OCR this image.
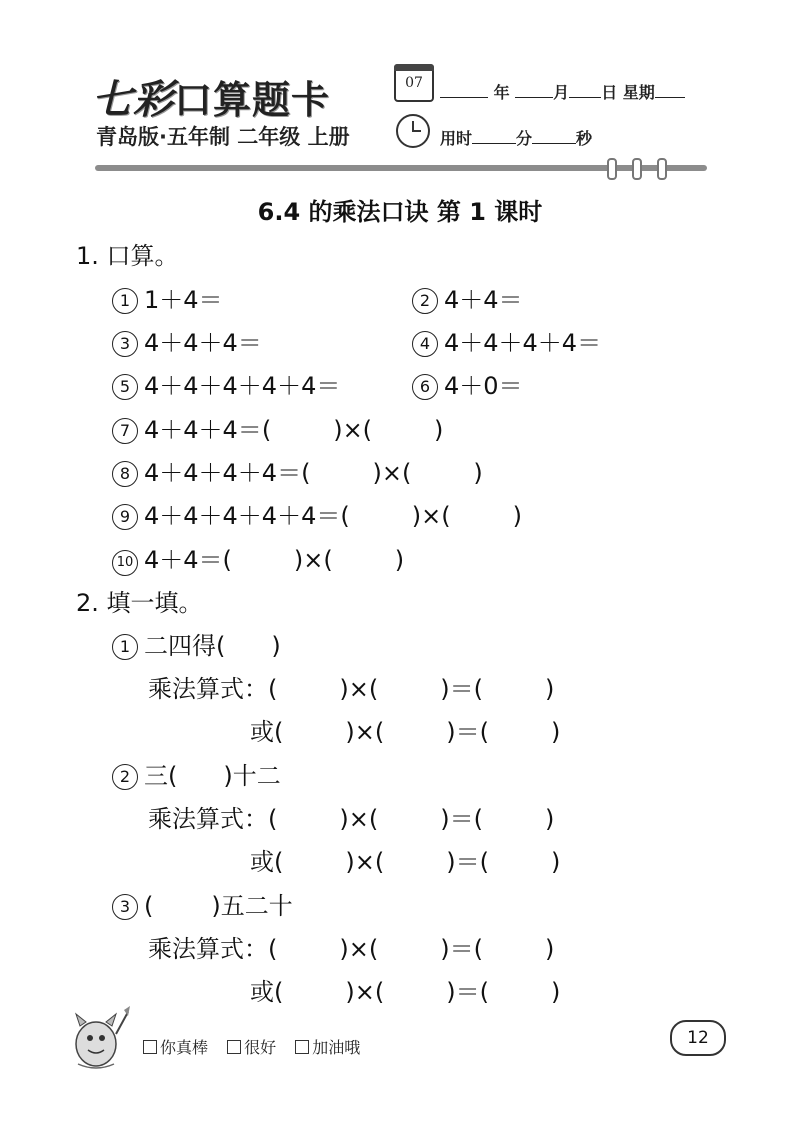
七彩口算题卡
青岛版·五年制 二年级 上册
07	年	月 日 星期
用时	分	秒
6.4 的乘法口诀 第 1 课时
1. 口算。
1 1＋4＝	2 4＋4＝
3 4＋4＋4＝	4 4＋4＋4＋4＝
5 4＋4＋4＋4＋4＝	6 4＋0＝
7 4＋4＋4＝(	)×(	)
8 4＋4＋4＋4＝(	)×(	)
9 4＋4＋4＋4＋4＝(	)×(	)
10 4＋4＝(	)×(	)
2. 填一填。
1 二四得( )
乘法算式：(	)×(	)＝(	)
或(	)×(	)＝(	)
2 三( )十二
乘法算式：(	)×(	)＝(	)
或(	)×(	)＝(	)
3 ( )五二十
乘法算式：(	)×(	)＝(	)
或(	)×(	)＝(	)
你真棒 很好 加油哦	12
